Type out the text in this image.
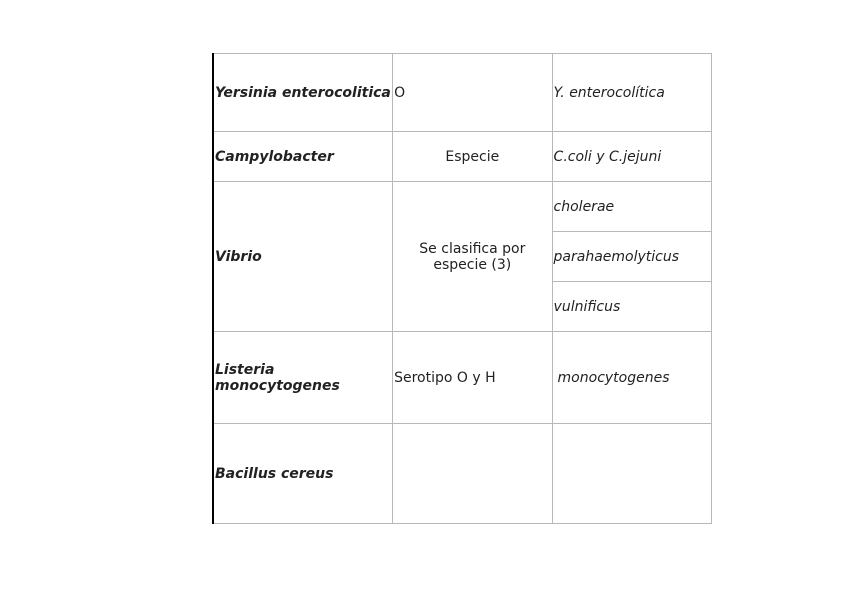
Yersinia enterocolitica	O	Y. enterocolítica
Campylobacter	Especie	C.coli y C.jejuni
Vibrio	Se clasifica por especie (3)	cholerae
		parahaemolyticus
		vulnificus

Listeria monocytogenes	Serotipo O y H	monocytogenes
Bacillus cereus		
